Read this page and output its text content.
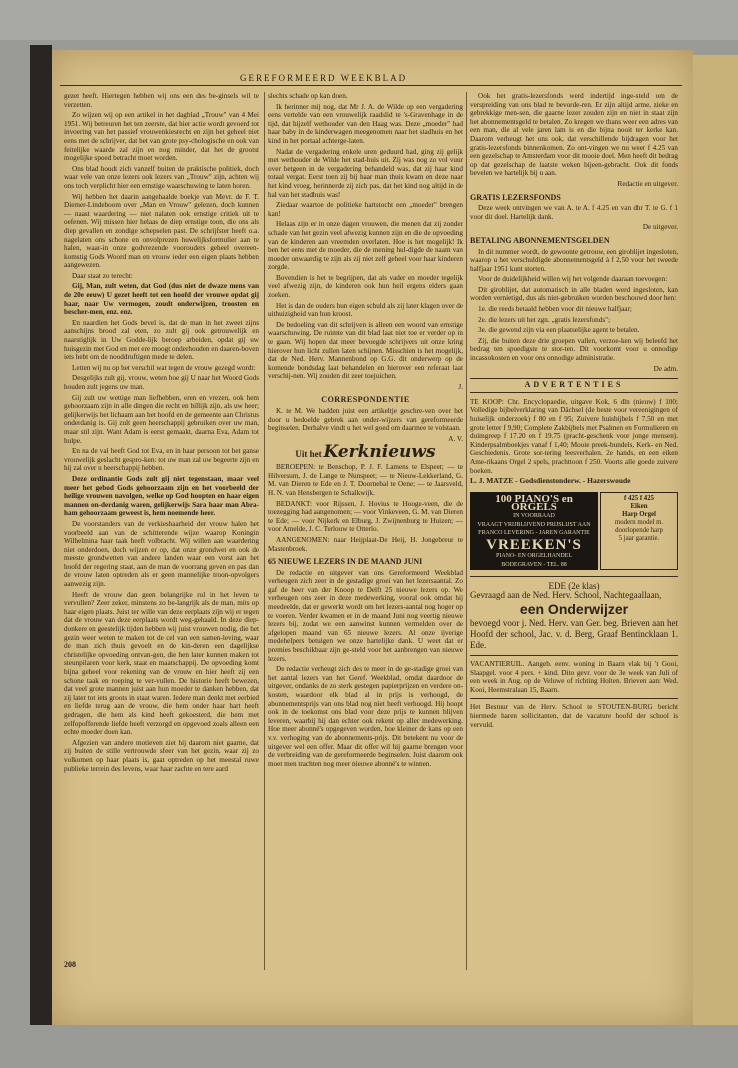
GEREFORMEERD WEEKBLAD

gezet heeft. Hiertegen hebben wij ons een des be-ginsels wil te verzetten.

Zo wijzen wij op een artikel in het dagblad „Trouw" van 4 Mei 1951. Wij betreuren het ten zeerste, dat hier actie wordt gevoerd tot invoering van het passief vrouwenkiesrecht en zijn het geheel niet eens met de schrijver, dat het van grote psy-chologische en ook van feitelijke waarde zal zijn en nog minder, dat het de grootst mogelijke spoed betracht moet worden.

Ons blad houdt zich vanzelf buiten de praktische politiek, doch waar vele van onze lezers ook lezers van „Trouw" zijn, achten wij ons toch verplicht hier een ernstige waarschuwing te laten horen.

Wij hebben het daarin aangehaalde boekje van Mevr. de F. T. Diemer-Lindeboom over „Man en Vrouw" gelezen, doch kunnen — naast waardering — niet nalaten ook ernstige critiek uit te oefenen. Wij missen hier helaas de diep ernstige toon, die ons als diep gevallen en zondige schepselen past. De schrijfster heeft o.a. nagelaten ons schone en onvolprezen huwelijksformulier aan te halen, waar-in onze godvrezende voorouders geheel overeen-komstig Gods Woord man en vrouw ieder een eigen plaats hebben aangewezen.

Daar staat zo terecht:

Gij, Man, zult weten, dat God (dus niet de dwaze mens van de 20e eeuw) U gezet heeft tot een hoofd der vrouwe opdat gij haar, naar Uw vermogen, zoudt onderwijzen, troosten en bescher-men, enz. enz.

En naardien het Gods bevel is, dat de man in het zweet zijns aanschijns brood zal eten, zo zult gij ook getrouwelijk en naarstiglijk in Uw Godde-lijk beroep arbeiden, opdat gij uw huisgezin met God en met ere moogt onderhouden en daaren-boven iets hebt om de nooddruftigen mede te delen.

Letten wij nu op het verschil wat tegen de vrouw gezegd wordt:

Desgelijks zult gij, vrouw, weten hoe gij U naar het Woord Gods houden zult jegens uw man.

Gij zult uw wettige man liefhebben, eren en vrezen, ook hem gehoorzaam zijn in alle dingen die recht en billijk zijn, als uw heer; gelijkerwijs het lichaam aan het hoofd en de gemeente aan Christus onderdanig is. Gij zult geen heerschappij gebruiken over uw man, maar stil zijn. Want Adam is eerst gemaakt, daarna Eva, Adam tot hulpe.

En na de val heeft God tot Eva, en in haar persoon tot het ganse vrouwelijk geslacht gespro-ken: tot uw man zal uw begeerte zijn en hij zal over u heerschappij hebben.

Deze ordinantie Gods zult gij niet tegenstaan, maar veel meer het gebod Gods gehoorzaam zijn en het voorbeeld der heilige vrouwen navolgen, welke op God hoopten en haar eigen mannen on-derdanig waren, gelijkerwijs Sara haar man Abra-ham gehoorzaam geweest is, hem noemende heer.

De voorstanders van de verkiesbaarheid der vrouw halen het voorbeeld aan van de schitterende wijze waarop Koningin Wilhelmina haar taak heeft volbracht. Wij willen aan waardering niet onderdoen, doch wijzen er op, dat onze grondwet en ook de meeste grondwetten van andere landen waar een vorst aan het hoofd der regering staat, aan de man de voorrang geven en pas dan de vrouw laten optreden als er geen mannelijke troon-opvolgers aanwezig zijn.

Heeft de vrouw dan geen belangrijke rol in het leven te vervullen? Zeer zeker, minstens zo be-langrijk als de man, mits op haar eigen plaats. Juist ter wille van deze eerplaats zijn wij er tegen dat de vrouw van deze eerplaats wordt weg-gehaald. In deze diep-donkere en geestelijk tijden hebben wij juist vrouwen nodig, die het gezin weer weten te maken tot de cel van een samen-leving, waar de man zich thuis gevoelt en de kin-deren een dagelijkse christelijke opvoeding ontvan-gen, die hen later kunnen maken tot steunpilaren voor kerk, staat en maatschappij. De opvoeding komt bijna geheel voor rekening van de vrouw en hier heeft zij een schone taak en roeping te ver-vullen. De historie heeft bewezen, dat veel grote mannen juist aan hun moeder te danken hebben, dat zij later tot iets groots in staat waren. Iedere man denkt met eerbied en liefde terug aan de vrouw, die hem onder haar hart heeft gedragen, die hem als kind heeft gekoesterd, die hem met zelfopofferende liefde heeft verzorgd en opgevoed zoals alleen een echte moeder doen kan.

Afgezien van andere motieven ziet hij daarom niet gaarne, dat zij buiten de stille vertrouwde sfeer van het gezin, waar zij zo volkomen op haar plaats is, gaat optreden op het meestal ruwe publieke terrein des levens, waar haar zachte en tere aard

slechts schade op kan doen.

Ik herinner mij nog, dat Mr J. A. de Wilde op een vergadering eens vertelde van een vrouwelijk raadslid te 's-Gravenhage in de tijd, dat hijzelf wethouder van den Haag was. Deze „moeder" had haar baby in de kinderwagen meegenomen naar het stadhuis en het kind in het portaal achterge-laten.

Nadat de vergadering enkele uren geduurd had, ging zij gelijk met wethouder de Wilde het stad-huis uit. Zij was nog zo vol vuur over hetgeen in de vergadering behandeld was, dat zij haar kind totaal vergat. Eerst toen zij bij haar man thuis kwam en deze naar het kind vroeg, herinnerde zij zich pas, dat het kind nog altijd in de hal van het stadhuis was!

Ziedaar waartoe de politieke hartstocht een „moeder" brengen kan!

Helaas zijn er in onze dagen vrouwen, die menen dat zij zonder schade van het gezin veel afwezig kunnen zijn en die de opvoeding van de kinderen aan vreemden overlaten. Hoe is het mogelijk! Ik ben het eens met de moeder, die de mening hul-digde de naam van moeder onwaardig te zijn als zij niet zelf geheel voor haar kinderen zorgde.

Bovendien is het te begrijpen, dat als vader en moeder tegelijk veel afwezig zijn, de kinderen ook hun heil ergens elders gaan zoeken.

Het is dan de ouders hun eigen schuld als zij later klagen over de uithuizigheid van hun kroost.

De bedoeling van dit schrijven is alleen een woord van ernstige waarschuwing. De ruimte van dit blad laat niet toe er verder op in te gaan. Wij hopen dat meer bevoegde schrijvers uit onze kring hierover hun licht zullen laten schijnen. Misschien is het mogelijk, dat de Ned. Herv. Mannenbond op G.G. dit onderwerp op de komende bondsdag laat behandelen en hierover een referaat laat verschij-nen. Wij zouden dit zeer toejuichen.

J.
CORRESPONDENTIE

K. te M. We hadden juist een artikeltje geschre-ven over het door u bedoelde gebrek aan onder-wijzers van gereformeerde beginselen. Derhalve vindt u het wel goed om daarmee te volstaan.

A. V.
Uit het Kerknieuws

BEROEPEN: te Benschop, P. J. F. Lamens te Elspeet; — te Hilversum, J. de Lange te Nunspeet; — te Nieuw-Lekkerland, G. M. van Dieren te Ede en J. T. Doornebal te Oene; — te Jaarsveld, H. N. van Hensbergen te Schalkwijk.

BEDANKT: voor Rijssen, J. Hovius te Hooge-veen, die de toezegging had aangenomen; — voor Vinkeveen, G. M. van Dieren te Ede; — voor Nijkerk en Elburg, J. Zwijnenburg te Huizen; — voor Amelde, J. C. Terlouw te Otterlo.

AANGENOMEN: naar Heijplaat-De Heij, H. Jongebreur te Mastenbroek.

65 NIEUWE LEZERS IN DE MAAND JUNI

De redactie en uitgever van ons Gereformeerd Weekblad verheugen zich zeer in de gestadige groei van het lezersaantal. Zo gaf de heer van der Knoop te Delft 25 nieuwe lezers op. We verheugen ons zeer in deze medewerking, vooral ook omdat hij meedeelde, dat er gewerkt wordt om het lezers-aantal nog hoger op te voeren. Verder kwamen er in de maand Juni nog veertig nieuwe lezers bij, zodat we een aanwinst kunnen vermelden over de afgelopen maand van 65 nieuwe lezers. Al onze ijverige medehelpers betuigen we onze hartelijke dank. U weet dat er premies beschikbaar zijn ge-steld voor het aanbrengen van nieuwe lezers.

De redactie verheugt zich des te meer in de ge-stadige groei van het aantal lezers van het Geref. Weekblad, omdat daardoor de uitgever, ondanks de zo sterk gestegen papierprijzen en verdere on-kosten, waardoor elk blad al in prijs is verhoogd, de abonnementsprijs van ons blad nog niet heeft verhoogd. Hij hoopt ook in de toekomst ons blad voor deze prijs te kunnen blijven leveren, waarbij hij dan echter ook rekent op aller medewerking. Hoe meer abonné's opgegeven worden, hoe kleiner de kans op een v.v. verhoging van de abonnements-prijs. Dit betekent nu voor de uitgever wel een offer. Maar dit offer wil hij gaarne brengen voor de verbreiding van de gereformeerde beginselen. Juist daarom ook moet men trachten nog meer nieuwe abonné's te winnen.

Ook het gratis-lezersfonds werd indertijd inge-steld om de verspreiding van ons blad te bevorde-ren. Er zijn altijd arme, zieke en gebrekkige men-sen, die gaarne lezer zouden zijn en niet in staat zijn het abonnementsgeld te betalen. Zo kregen we thans weer een adres van een man, die al vele jaren lam is en die bijna nooit ter kerke kan. Daarom verheugt het ons ook, dat verschillende bijdragen voor het gratis-lezersfonds binnenkomen. Zo ont-vingen we nu weer f 4.25 van een gezelschap te Amsterdam voor dit mooie doel. Men heeft dit bedrag op dat gezelschap de laatste weken bijeen-gebracht. Ook dit fonds bevelen we hartelijk bij u aan.

Redactie en uitgever.
GRATIS LEZERSFONDS

Deze week ontvingen we van A. te A. f 4.25 en van dhr T. te G. f 1 voor dit doel. Hartelijk dank.

De uitgever.
BETALING ABONNEMENTSGELDEN

In dit nummer wordt, de gewoonte getrouw, een giroblijet ingesloten, waarop u het verschuldigde abonnementsgeld à f 2,50 voor het tweede halfjaar 1951 kunt storten.

Voor de duidelijkheid willen wij het volgende daaraan toevoegen:

Dit giroblijet, dat automatisch in alle bladen werd ingesloten, kan worden vernietigd, dus als niet-gebruiken worden beschouwd door hen:

1e. die reeds betaald hebben voor dit nieuwe halfjaar;

2e. die lezers uit het zgn. „gratis lezersfonds";

3e. die gewend zijn via een plaatselijke agent te betalen.

Zij, die buiten deze drie groepen vallen, verzoe-ken wij beleefd het bedrag ten spoedigste te stor-ten. Dit voorkomt voor u onnodige incassokosten en voor ons onnodige administratie.

De adm.
ADVERTENTIES

TE KOOP: Chr. Encyclopaedie, uitgave Kok, 6 dln (nieuw) f 100; Volledige bijbelverklaring van Dächsel (de beste voor vereenigingen of huiselijk onderzoek) f 80 en f 95; Zuivere huisbijbels f 7.50 en met grote letter f 9,90; Complete Zakbijbels met Psalmen en Formulieren en duimgreep f 17.20 en f 19.75 (pracht-geschenk voor jonge mensen). Kinderpsalmboekjes vanaf f 1,40; Mooie preek-bundels, Kerk- en Ned. Geschiedenis. Grote sor-tering leesverhalen. 2e hands, en een eiken Ame-rikaans Orgel 2 spels, prachttoon f 250. Voorts alle goede zuivere boeken.

L. J. MATZE - Godsdienstonderw. - Hazerswoude
100 PIANO'S en ORGELS
IN VOORRAAD
VRAAGT VRIJBLIJVEND PRIJSLIJST AAN
FRANCO LEVERING - JAREN GARANTIE
VREEKEN'S
PIANO- EN ORGELHANDEL
BODEGRAVEN - TEL. 88
f 425 f 425
Eiken
Harp Orgel
modern model m. doorlopende harp
5 jaar garantie.
EDE (2e klas)
Gevraagd aan de Ned. Herv. School, Nachtegaallaan,
een Onderwijzer
bevoegd voor j. Ned. Herv. van Ger. beg. Brieven aan het Hoofd der school, Jac. v. d. Berg, Graaf Bentincklaan 1. Ede.

VACANTIERUIL. Aangeb. eenv. woning in Baarn vlak bij 't Gooi, Slaapgel. voor 4 pers. + kind. Dito gevr. voor de 3e week van Juli of een week in Aug. op de Veluwe of richting Holten. Brieven aan: Wed. Kooi, Heemstralaan 15, Baarn.

Het Bestuur van de Herv. School te STOUTEN-BURG bericht hiermede haren sollicitanten, dat de vacature hoofd der school is vervuld.

208
